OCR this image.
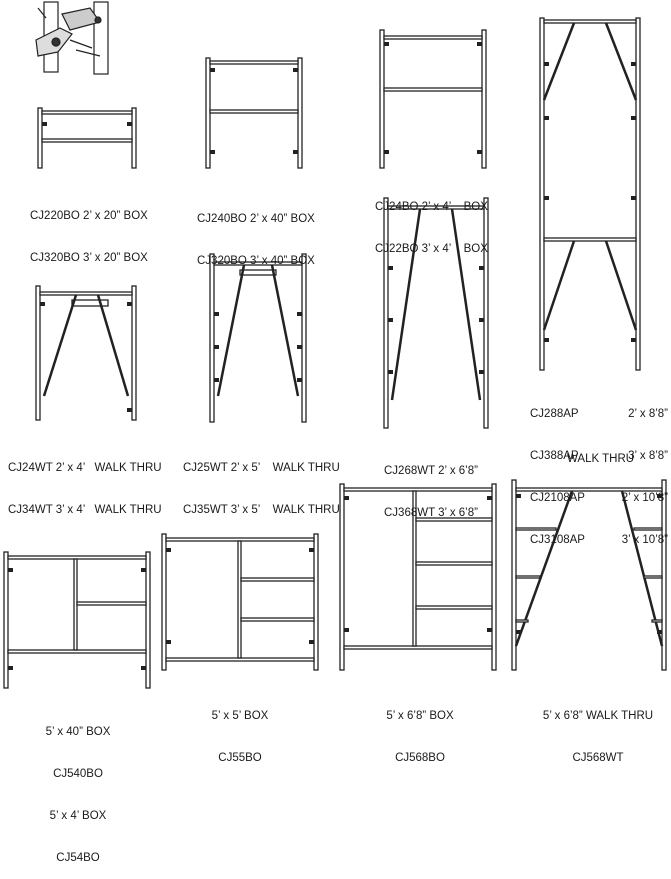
CJ220BO 2’ x 20” BOX

CJ320BO 3’ x 20” BOX

CJ240BO 2’ x 40” BOX

CJ320BO 3’ x 40” BOX

CJ24BO 2’ x 4’    BOX

CJ22BO 3’ x 4’    BOX

CJ288AP	2’ x 8’8”

CJ388AP	3’ x 8’8”

CJ2108AP	2’ x 10’8”

CJ3108AP	3’ x 10’8”

WALK THRU

CJ24WT 2’ x 4’   WALK THRU

CJ34WT 3’ x 4’   WALK THRU

CJ25WT 2’ x 5’    WALK THRU

CJ35WT 3’ x 5’    WALK THRU

CJ268WT 2’ x 6’8”

CJ368WT 3’ x 6’8”

5’ x 40” BOX

CJ540BO

5’ x 4’ BOX

CJ54BO

5’ x 5’ BOX

CJ55BO

5’ x 6’8” BOX

CJ568BO

5’ x 6’8” WALK THRU

CJ568WT
